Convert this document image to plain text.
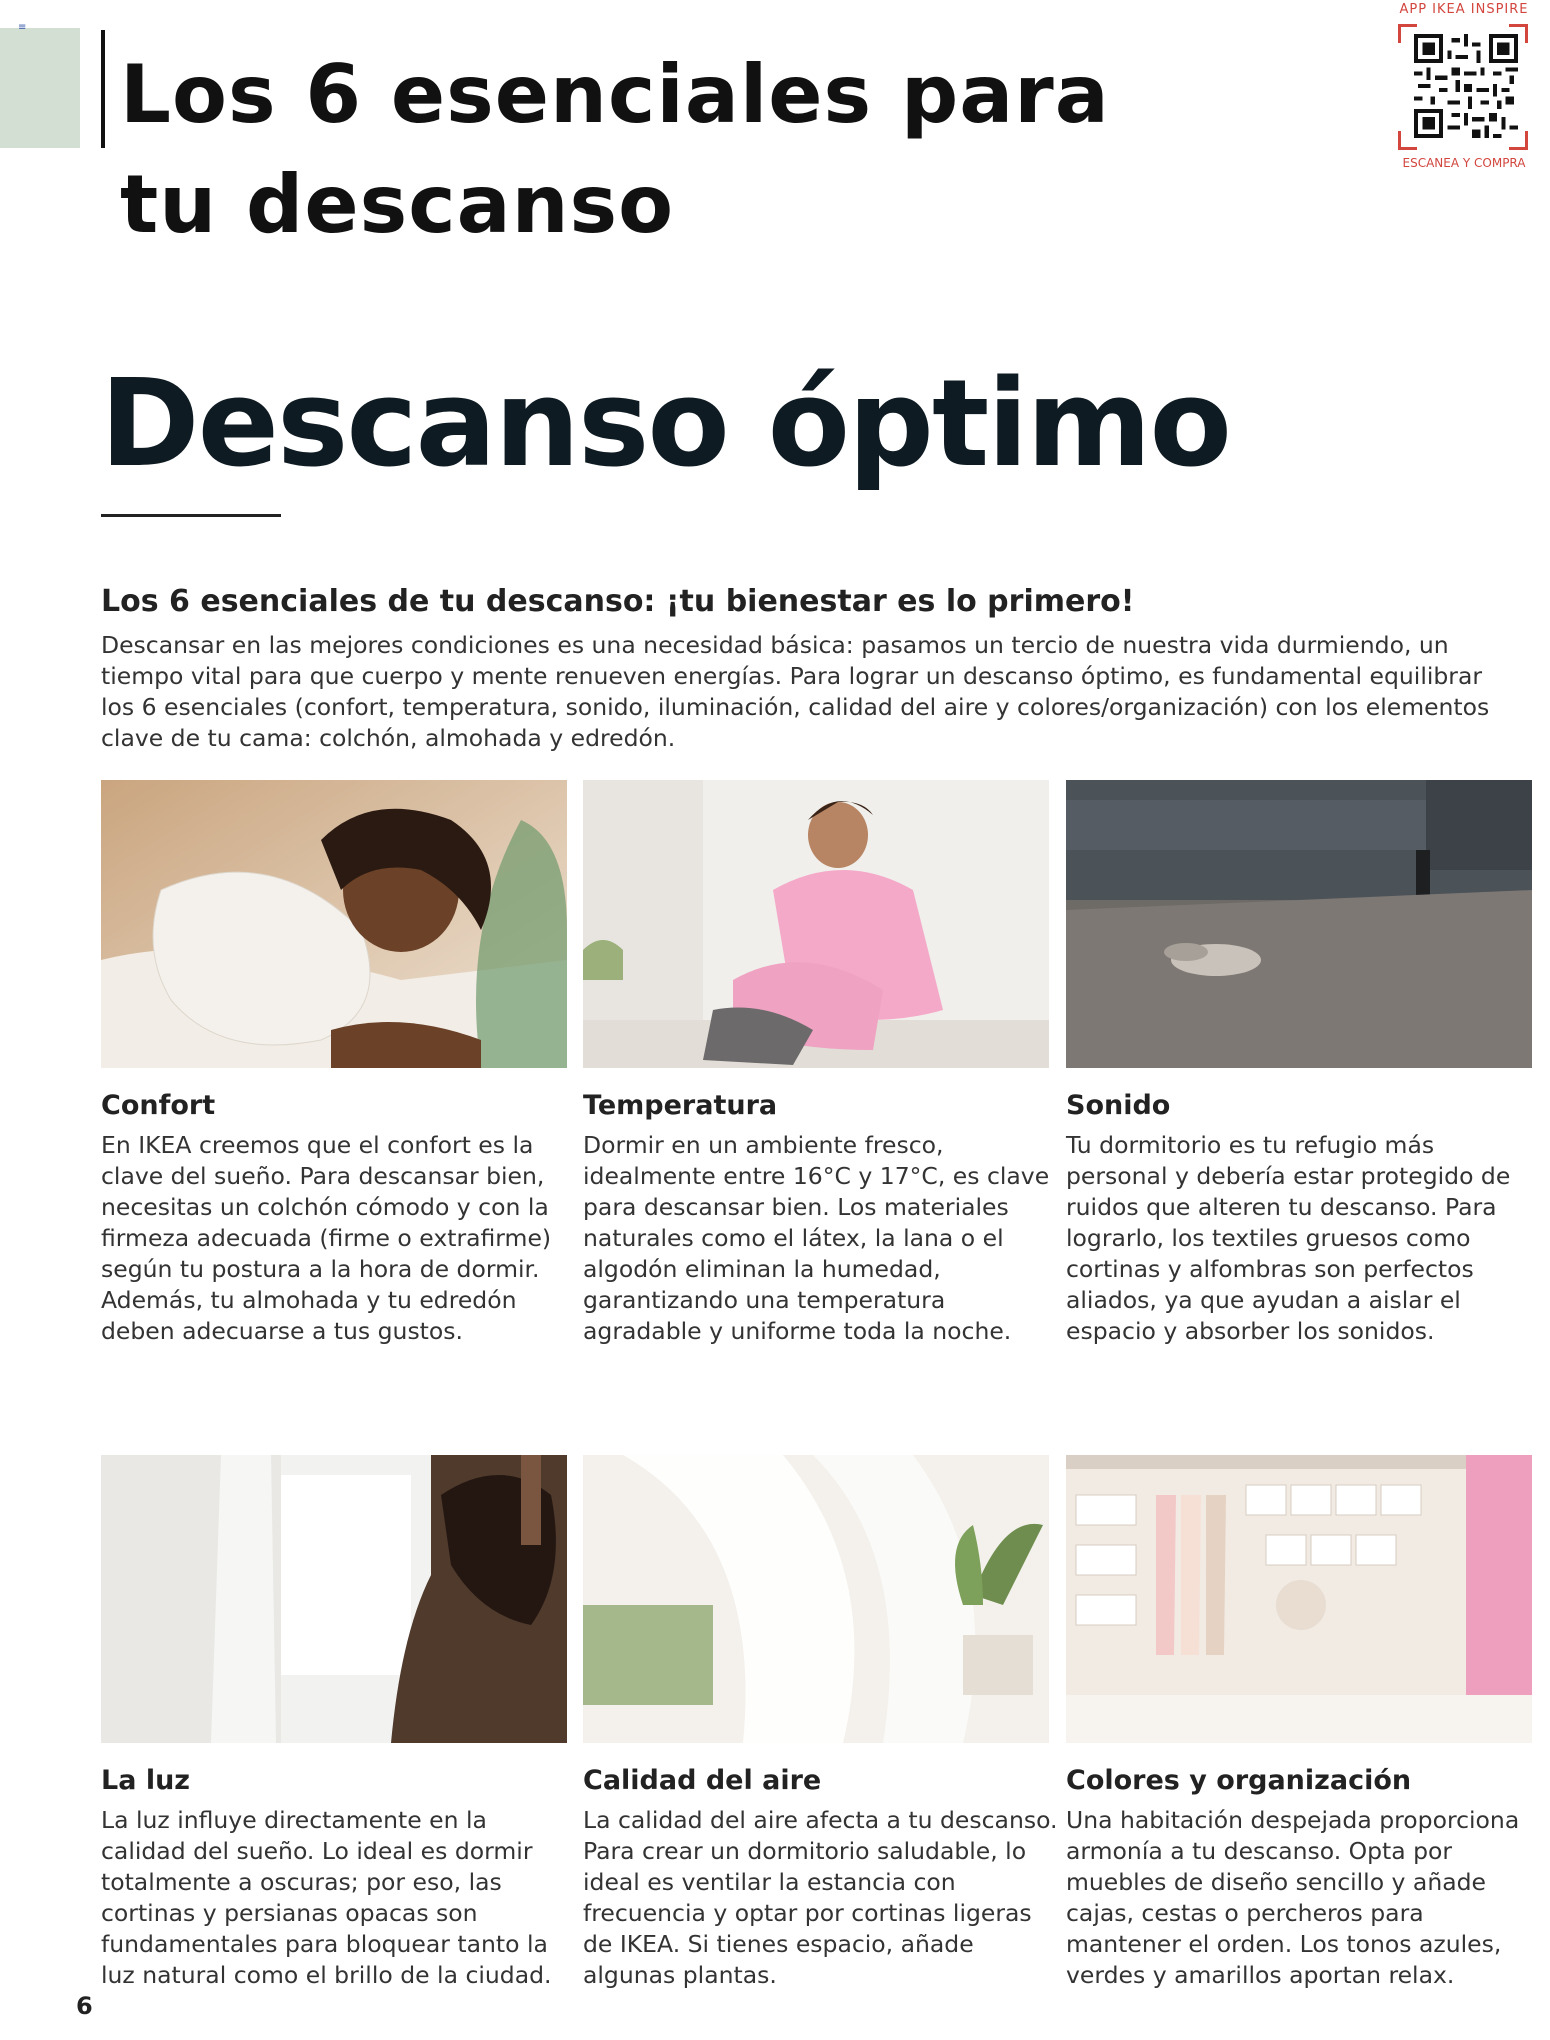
≡
Los 6 esenciales para
tu descanso
APP IKEA INSPIRE
ESCANEA Y COMPRA
Descanso óptimo
Los 6 esenciales de tu descanso: ¡tu bienestar es lo primero!
Descansar en las mejores condiciones es una necesidad básica: pasamos un tercio de nuestra vida durmiendo, un tiempo vital para que cuerpo y mente renueven energías. Para lograr un descanso óptimo, es fundamental equilibrar los 6 esenciales (confort, temperatura, sonido, iluminación, calidad del aire y colores/organización) con los elementos clave de tu cama: colchón, almohada y edredón.
Confort
En IKEA creemos que el confort es la clave del sueño. Para descansar bien, necesitas un colchón cómodo y con la firmeza adecuada (firme o extrafirme) según tu postura a la hora de dormir. Además, tu almohada y tu edredón deben adecuarse a tus gustos.
Temperatura
Dormir en un ambiente fresco, idealmente entre 16°C y 17°C, es clave para descansar bien. Los materiales naturales como el látex, la lana o el algodón eliminan la humedad, garantizando una temperatura agradable y uniforme toda la noche.
Sonido
Tu dormitorio es tu refugio más personal y debería estar protegido de ruidos que alteren tu descanso. Para lograrlo, los textiles gruesos como cortinas y alfombras son perfectos aliados, ya que ayudan a aislar el espacio y absorber los sonidos.
La luz
La luz influye directamente en la calidad del sueño. Lo ideal es dormir totalmente a oscuras; por eso, las cortinas y persianas opacas son fundamentales para bloquear tanto la luz natural como el brillo de la ciudad.
Calidad del aire
La calidad del aire afecta a tu descanso. Para crear un dormitorio saludable, lo ideal es ventilar la estancia con frecuencia y optar por cortinas ligeras de IKEA. Si tienes espacio, añade algunas plantas.
Colores y organización
Una habitación despejada proporciona armonía a tu descanso. Opta por muebles de diseño sencillo y añade cajas, cestas o percheros para mantener el orden. Los tonos azules, verdes y amarillos aportan relax.
6
